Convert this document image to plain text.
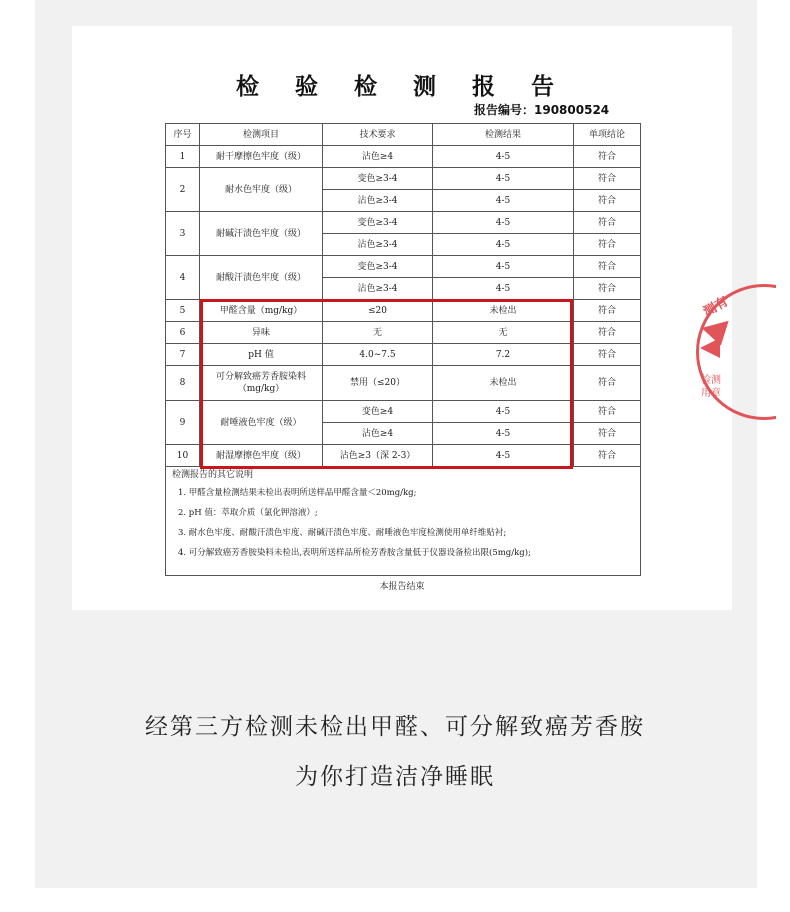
检 验 检 测 报 告
报告编号：190800524
序号	检测项目	技术要求	检测结果	单项结论
1	耐干摩擦色牢度（级）	沾色≥4	4-5	符合
2	耐水色牢度（级）	变色≥3-4	4-5	符合
		沾色≥3-4	4-5	符合
3	耐碱汗渍色牢度（级）	变色≥3-4	4-5	符合
		沾色≥3-4	4-5	符合
4	耐酸汗渍色牢度（级）	变色≥3-4	4-5	符合
		沾色≥3-4	4-5	符合
5	甲醛含量（mg/kg）	≤20	未检出	符合
6	异味	无	无	符合
7	pH 值	4.0~7.5	7.2	符合
8	可分解致癌芳香胺染料
（mg/kg）	禁用（≤20）	未检出	符合
9	耐唾液色牢度（级）	变色≥4	4-5	符合
		沾色≥4	4-5	符合
10	耐湿摩擦色牢度（级）	沾色≥3（深 2-3）	4-5	符合

检测报告的其它说明
1. 甲醛含量检测结果未检出表明所送样品甲醛含量＜20mg/kg;
2. pH 值：萃取介质（氯化钾溶液）;
3. 耐水色牢度、耐酸汗渍色牢度、耐碱汗渍色牢度、耐唾液色牢度检测使用单纤维贴衬;
4. 可分解致癌芳香胺染料未检出,表明所送样品所检芳香胺含量低于仪器设备检出限(5mg/kg);				
本报告结束
测有
检测
用章
经第三方检测未检出甲醛、可分解致癌芳香胺
为你打造洁净睡眠
